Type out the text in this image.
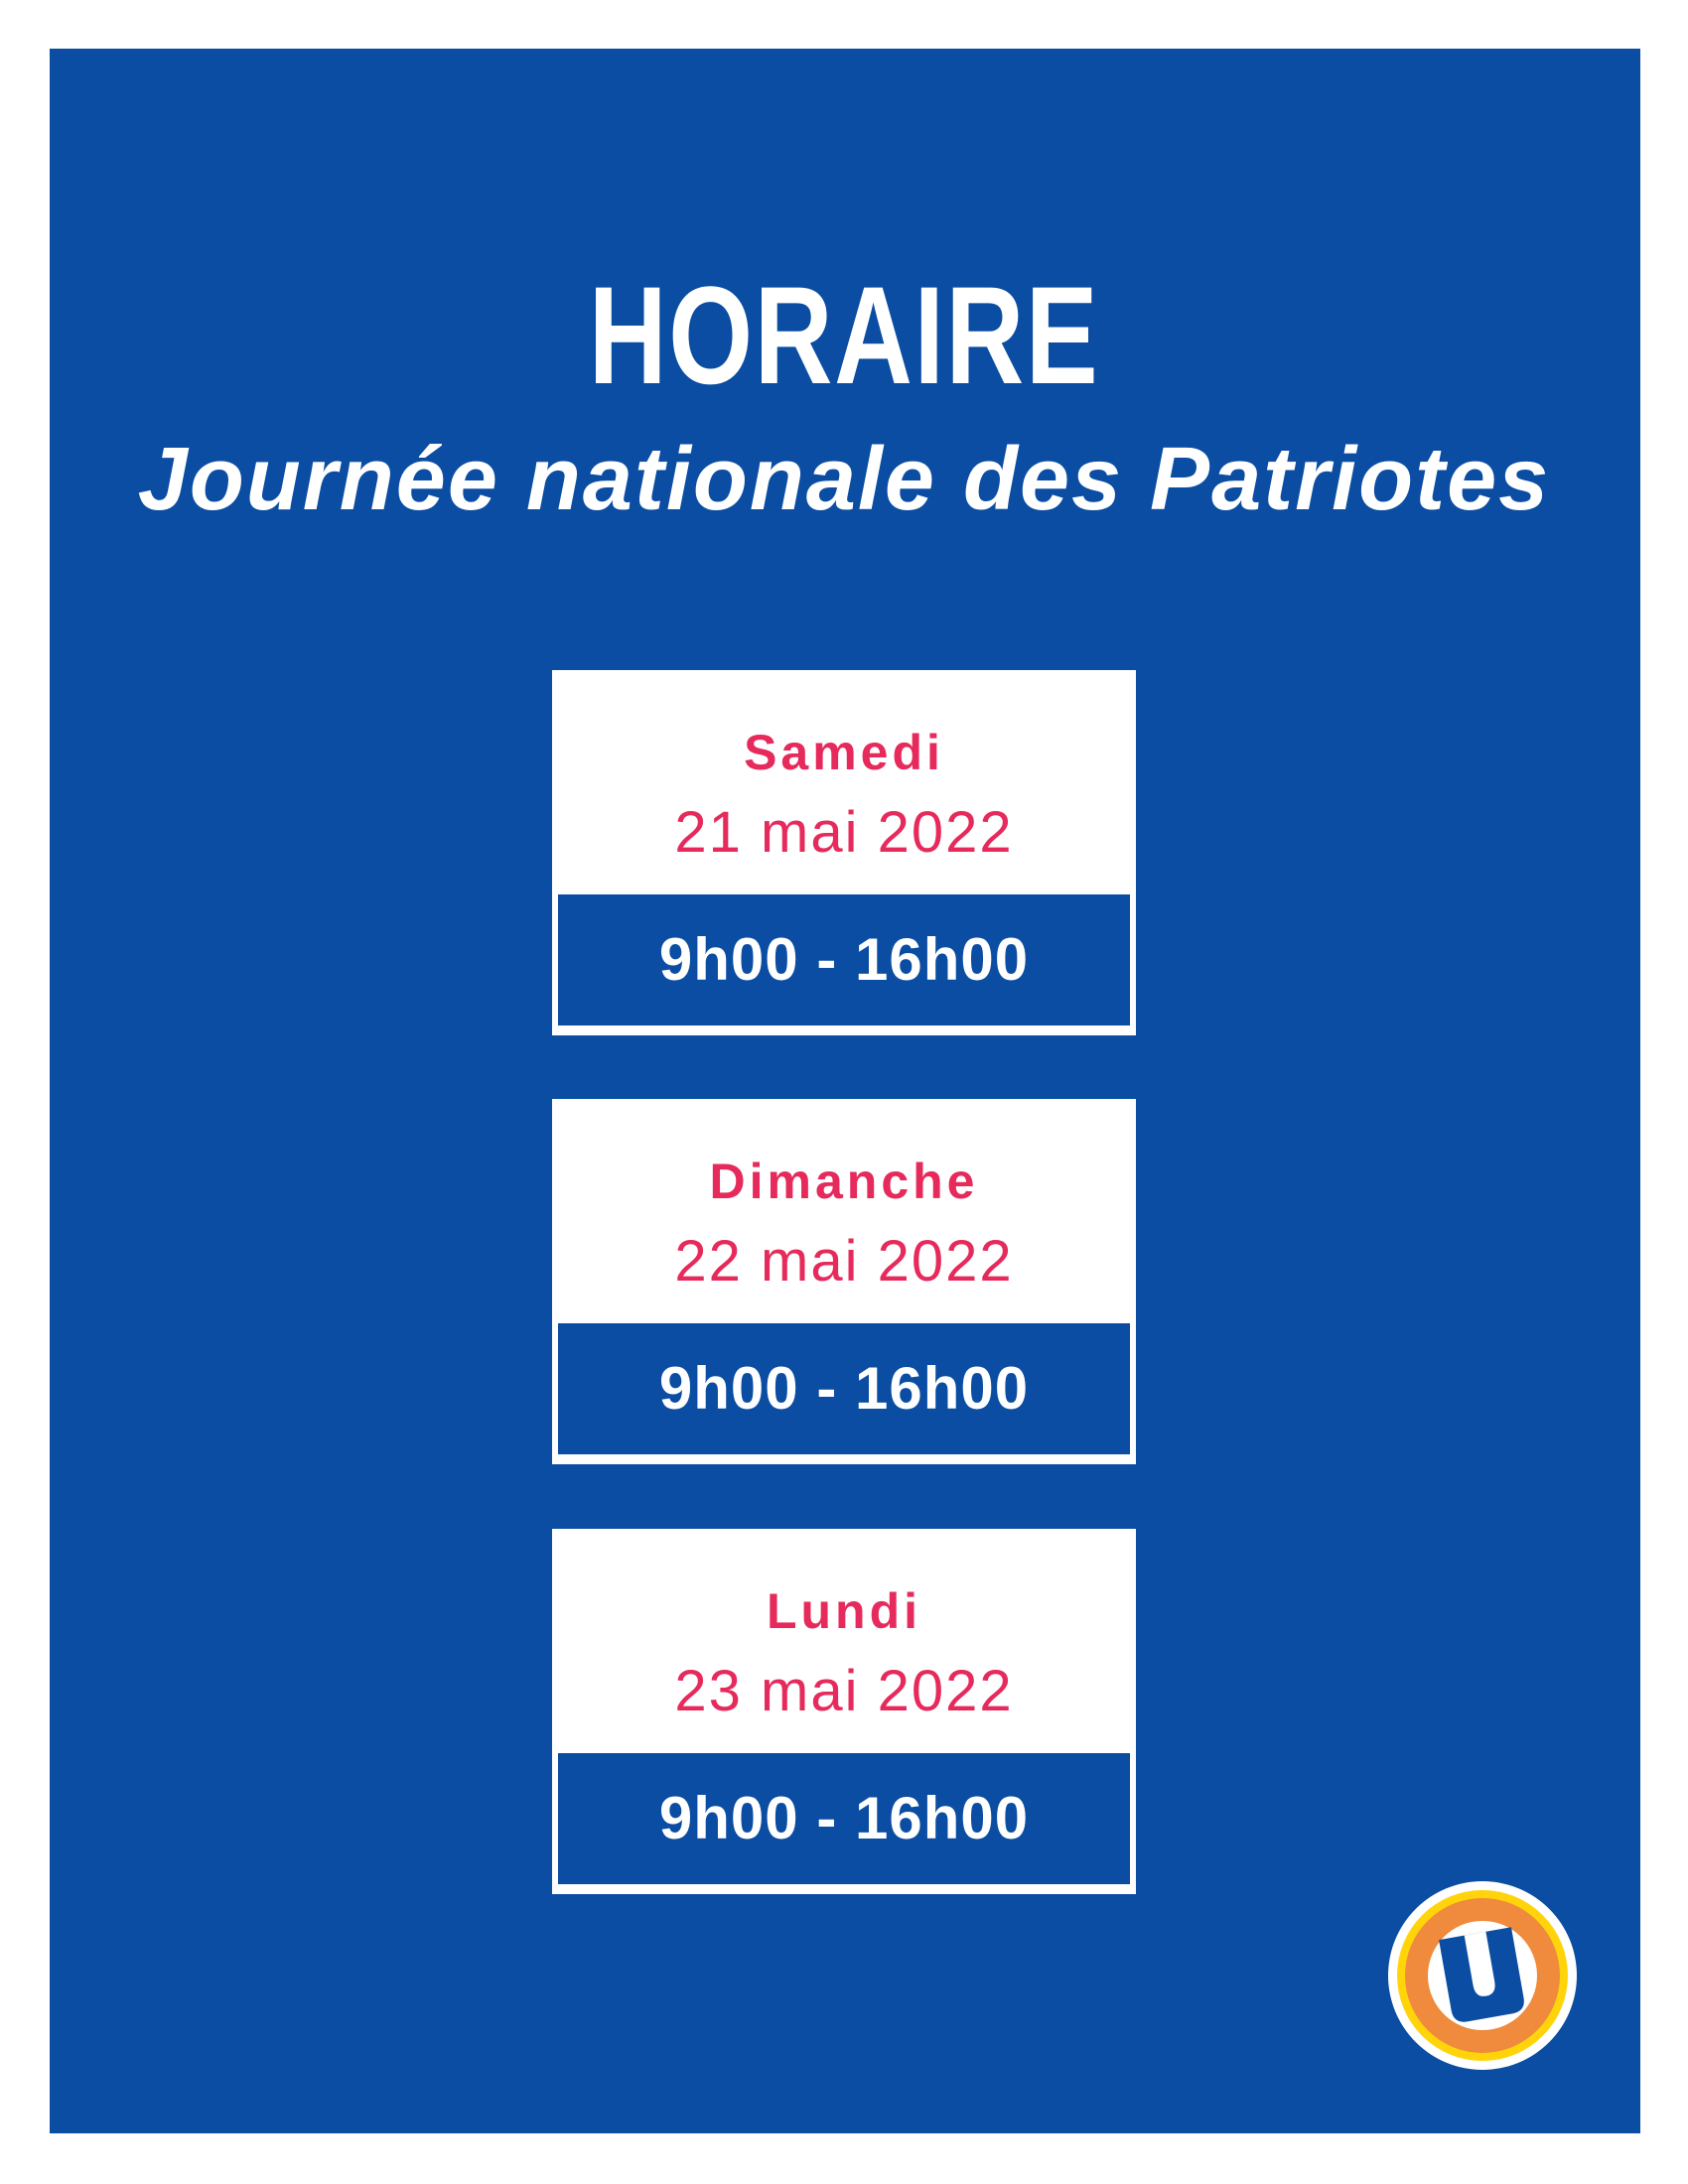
HORAIRE
Journée nationale des Patriotes
Samedi
21 mai 2022
9h00 - 16h00
Dimanche
22 mai 2022
9h00 - 16h00
Lundi
23 mai 2022
9h00 - 16h00
